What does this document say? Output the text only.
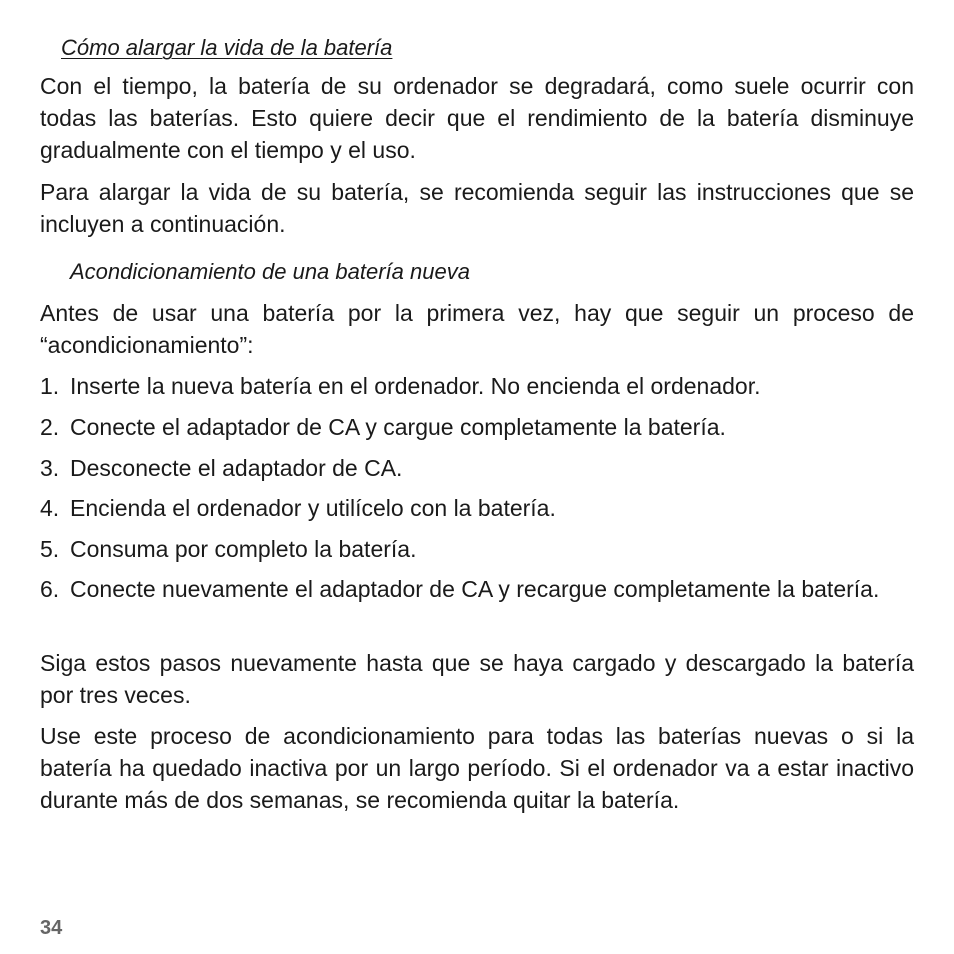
Cómo alargar la vida de la batería

Con el tiempo, la batería de su ordenador se degradará, como suele ocurrir con todas las baterías. Esto quiere decir que el rendimiento de la batería disminuye gradualmente con el tiempo y el uso.

Para alargar la vida de su batería, se recomienda seguir las instrucciones que se incluyen a continuación.

Acondicionamiento de una batería nueva

Antes de usar una batería por la primera vez, hay que seguir un proceso de “acondicionamiento”:

1. Inserte la nueva batería en el ordenador. No encienda el ordenador.
2. Conecte el adaptador de CA y cargue completamente la batería.
3. Desconecte el adaptador de CA.
4. Encienda el ordenador y utilícelo con la batería.
5. Consuma por completo la batería.
6. Conecte nuevamente el adaptador de CA y recargue completamente la batería.

Siga estos pasos nuevamente hasta que se haya cargado y descargado la batería por tres veces.

Use este proceso de acondicionamiento para todas las baterías nuevas o si la batería ha quedado inactiva por un largo período. Si el ordenador va a estar inactivo durante más de dos semanas, se recomienda quitar la batería.

34
